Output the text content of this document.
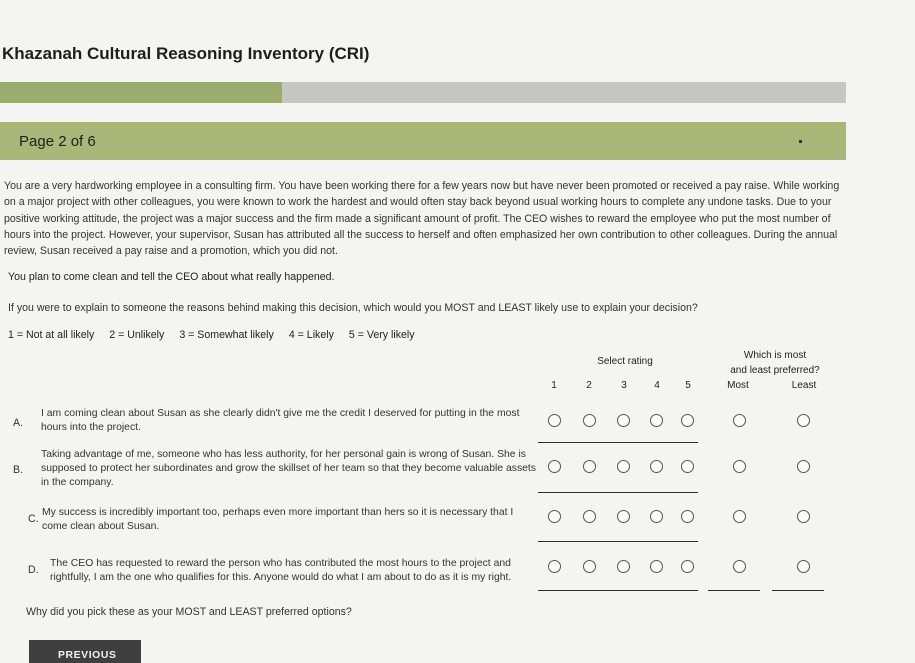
Khazanah Cultural Reasoning Inventory (CRI)
Page 2 of 6
You are a very hardworking employee in a consulting firm. You have been working there for a few years now but have never been promoted or received a pay raise. While working on a major project with other colleagues, you were known to work the hardest and would often stay back beyond usual working hours to complete any undone tasks. Due to your positive working attitude, the project was a major success and the firm made a significant amount of profit. The CEO wishes to reward the employee who put the most number of hours into the project. However, your supervisor, Susan has attributed all the success to herself and often emphasized her own contribution to other colleagues. During the annual review, Susan received a pay raise and a promotion, which you did not.
You plan to come clean and tell the CEO about what really happened.
If you were to explain to someone the reasons behind making this decision, which would you MOST and LEAST likely use to explain your decision?
1 = Not at all likely 2 = Unlikely 3 = Somewhat likely 4 = Likely 5 = Very likely
Select rating
Which is most
and least preferred?
1	2	3	4	5	Most	Least
A.
I am coming clean about Susan as she clearly didn't give me the credit I deserved for putting in the most hours into the project.
B.
Taking advantage of me, someone who has less authority, for her personal gain is wrong of Susan. She is supposed to protect her subordinates and grow the skillset of her team so that they become valuable assets in the company.
C.
My success is incredibly important too, perhaps even more important than hers so it is necessary that I come clean about Susan.
D.
The CEO has requested to reward the person who has contributed the most hours to the project and rightfully, I am the one who qualifies for this. Anyone would do what I am about to do as it is my right.
Why did you pick these as your MOST and LEAST preferred options?
PREVIOUS
